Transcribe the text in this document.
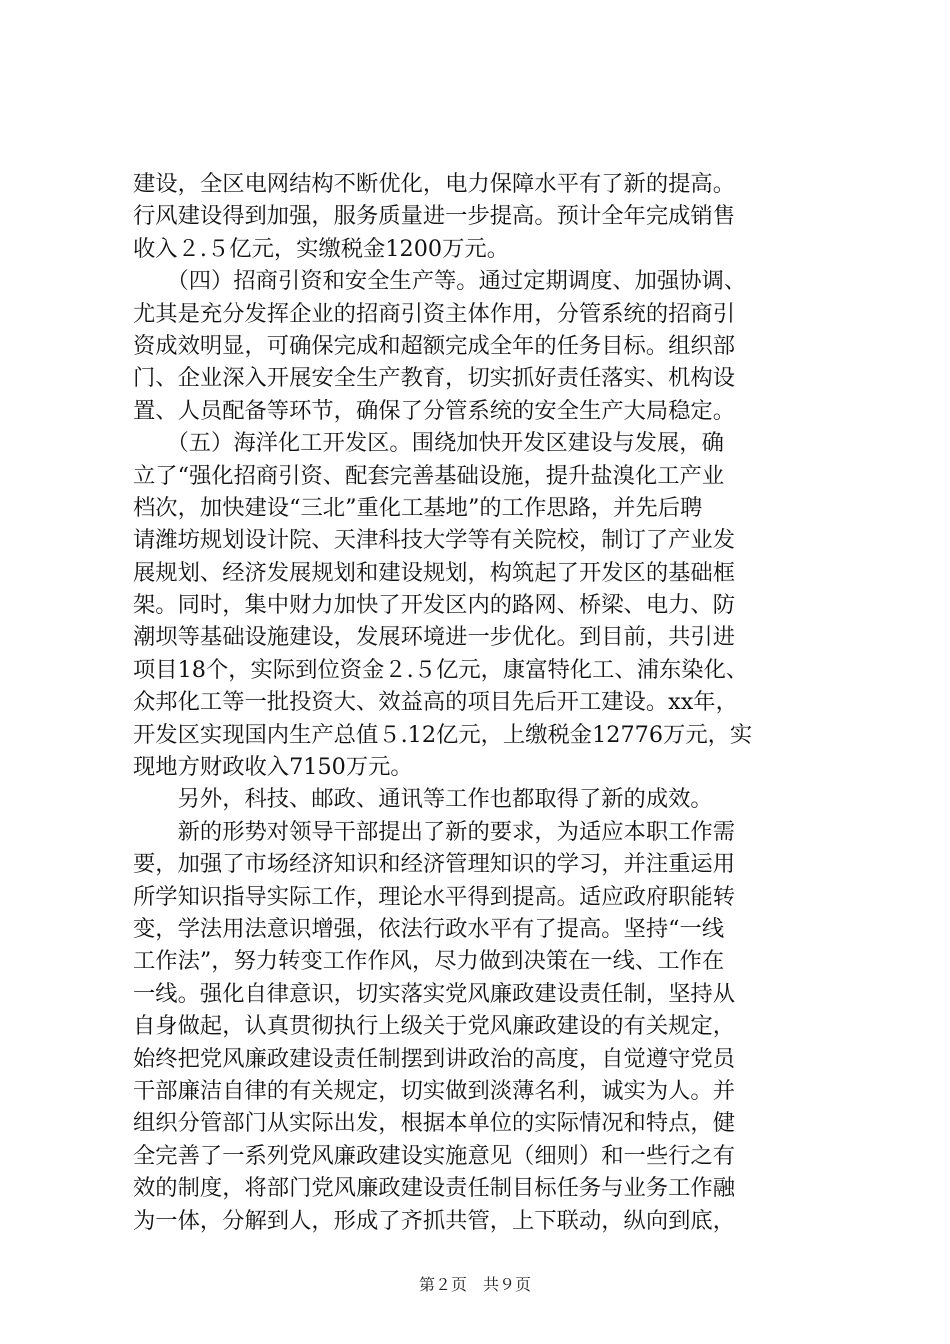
建设，全区电网结构不断优化，电力保障水平有了新的提高。
行风建设得到加强，服务质量进一步提高。预计全年完成销售
收入２.５亿元，实缴税金1200万元。
　　（四）招商引资和安全生产等。通过定期调度、加强协调、
尤其是充分发挥企业的招商引资主体作用，分管系统的招商引
资成效明显，可确保完成和超额完成全年的任务目标。组织部
门、企业深入开展安全生产教育，切实抓好责任落实、机构设
置、人员配备等环节，确保了分管系统的安全生产大局稳定。
　　（五）海洋化工开发区。围绕加快开发区建设与发展，确
立了“强化招商引资、配套完善基础设施，提升盐溴化工产业
档次，加快建设“三北”重化工基地”的工作思路，并先后聘
请潍坊规划设计院、天津科技大学等有关院校，制订了产业发
展规划、经济发展规划和建设规划，构筑起了开发区的基础框
架。同时，集中财力加快了开发区内的路网、桥梁、电力、防
潮坝等基础设施建设，发展环境进一步优化。到目前，共引进
项目18个，实际到位资金２.５亿元，康富特化工、浦东染化、
众邦化工等一批投资大、效益高的项目先后开工建设。xx年，
开发区实现国内生产总值５.12亿元，上缴税金12776万元，实
现地方财政收入7150万元。
　　另外，科技、邮政、通讯等工作也都取得了新的成效。
　　新的形势对领导干部提出了新的要求，为适应本职工作需
要，加强了市场经济知识和经济管理知识的学习，并注重运用
所学知识指导实际工作，理论水平得到提高。适应政府职能转
变，学法用法意识增强，依法行政水平有了提高。坚持“一线
工作法”，努力转变工作作风，尽力做到决策在一线、工作在
一线。强化自律意识，切实落实党风廉政建设责任制，坚持从
自身做起，认真贯彻执行上级关于党风廉政建设的有关规定，
始终把党风廉政建设责任制摆到讲政治的高度，自觉遵守党员
干部廉洁自律的有关规定，切实做到淡薄名利，诚实为人。并
组织分管部门从实际出发，根据本单位的实际情况和特点，健
全完善了一系列党风廉政建设实施意见（细则）和一些行之有
效的制度，将部门党风廉政建设责任制目标任务与业务工作融
为一体，分解到人，形成了齐抓共管，上下联动，纵向到底，
第２页　共９页
